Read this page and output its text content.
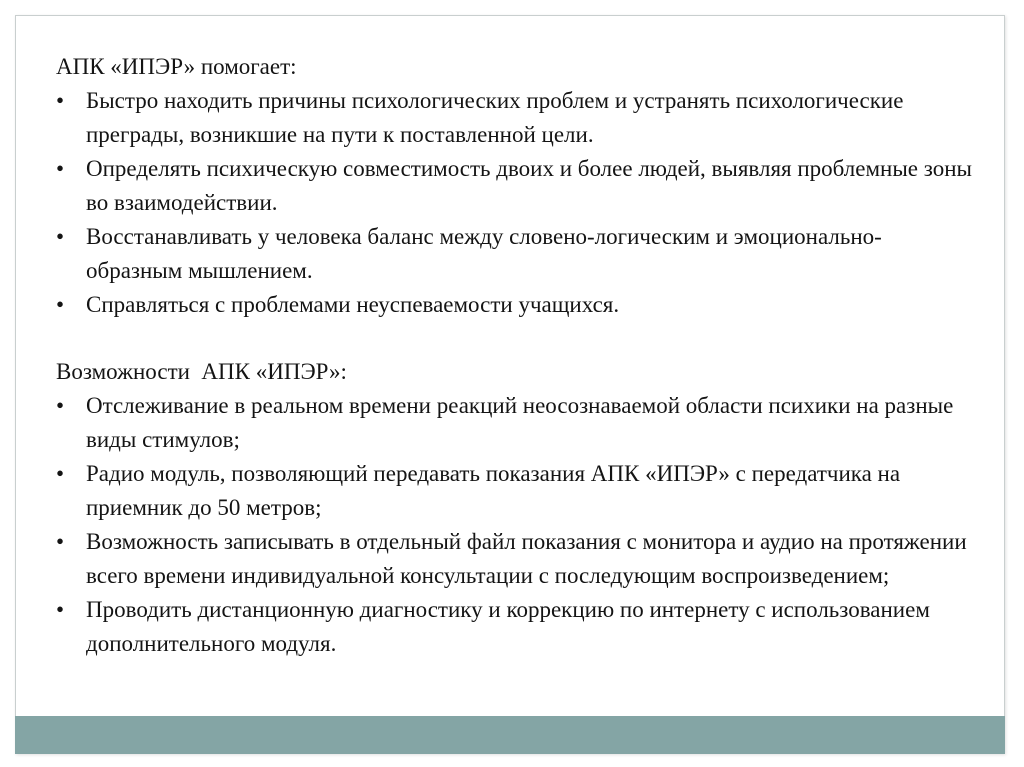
АПК «ИПЭР» помогает:

• Быстро находить причины психологических проблем и устранять психологические преграды, возникшие на пути к поставленной цели.
• Определять психическую совместимость двоих и более людей, выявляя проблемные зоны во взаимодействии.
• Восстанавливать у человека баланс между словено-логическим и эмоционально-образным мышлением.
• Справляться с проблемами неуспеваемости учащихся.

Возможности  АПК «ИПЭР»:

• Отслеживание в реальном времени реакций неосознаваемой области психики на разные виды стимулов;
• Радио модуль, позволяющий передавать показания АПК «ИПЭР» с передатчика на приемник до 50 метров;
• Возможность записывать в отдельный файл показания с монитора и аудио на протяжении всего времени индивидуальной консультации с последующим воспроизведением;
• Проводить дистанционную диагностику и коррекцию по интернету с использованием дополнительного модуля.
